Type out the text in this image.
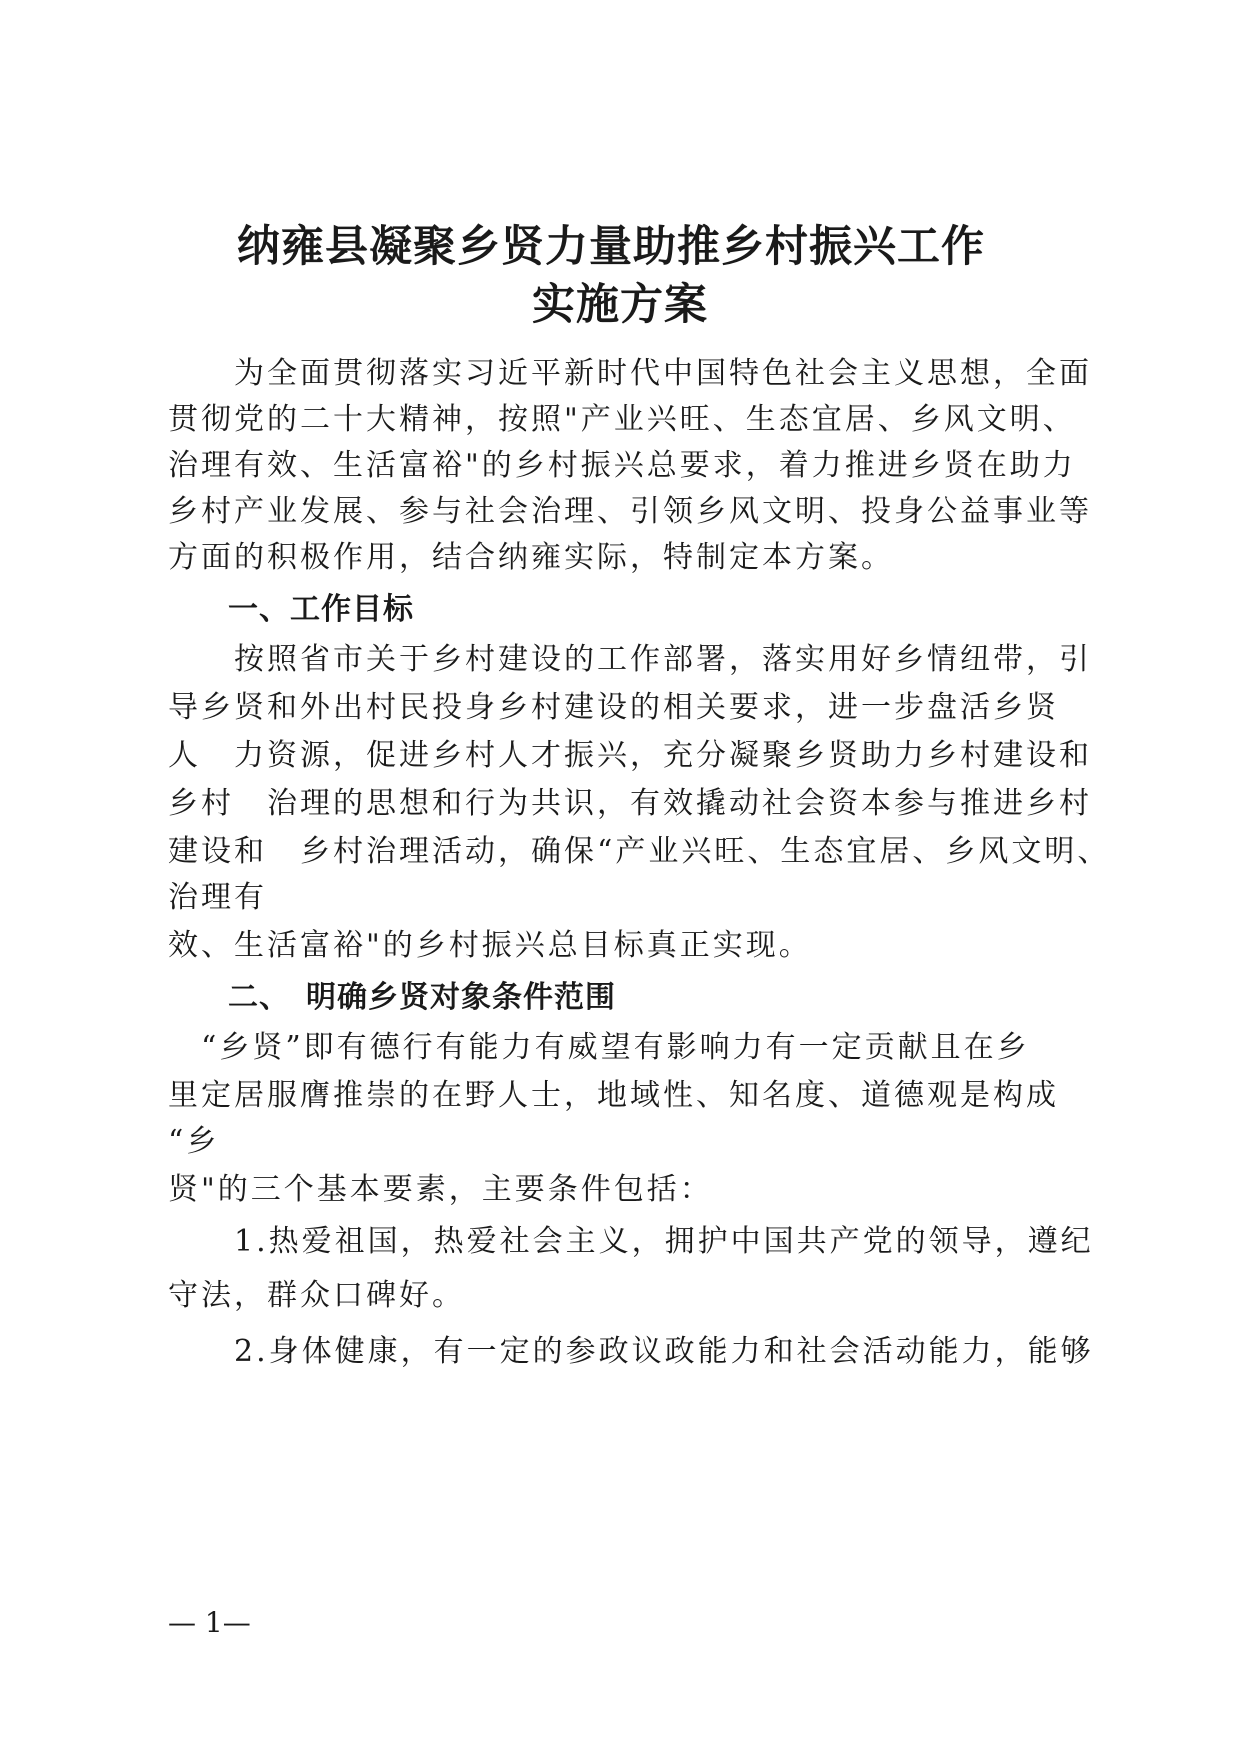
纳雍县凝聚乡贤力量助推乡村振兴工作
实施方案
　　为全面贯彻落实习近平新时代中国特色社会主义思想，全面
贯彻党的二十大精神，按照"产业兴旺、生态宜居、乡风文明、
治理有效、生活富裕"的乡村振兴总要求，着力推进乡贤在助力
乡村产业发展、参与社会治理、引领乡风文明、投身公益事业等
方面的积极作用，结合纳雍实际，特制定本方案。
一、工作目标
　　按照省市关于乡村建设的工作部署，落实用好乡情纽带，引
导乡贤和外出村民投身乡村建设的相关要求，进一步盘活乡贤
人　力资源，促进乡村人才振兴，充分凝聚乡贤助力乡村建设和
乡村　治理的思想和行为共识，有效撬动社会资本参与推进乡村
建设和　乡村治理活动，确保“产业兴旺、生态宜居、乡风文明、
治理有
效、生活富裕"的乡村振兴总目标真正实现。
二、　明确乡贤对象条件范围
　“乡贤”即有德行有能力有威望有影响力有一定贡献且在乡
里定居服膺推崇的在野人士，地域性、知名度、道德观是构成
“乡
贤"的三个基本要素，主要条件包括：
　　1.热爱祖国，热爱社会主义，拥护中国共产党的领导，遵纪
守法，群众口碑好。
　　2.身体健康，有一定的参政议政能力和社会活动能力，能够
— 1—
